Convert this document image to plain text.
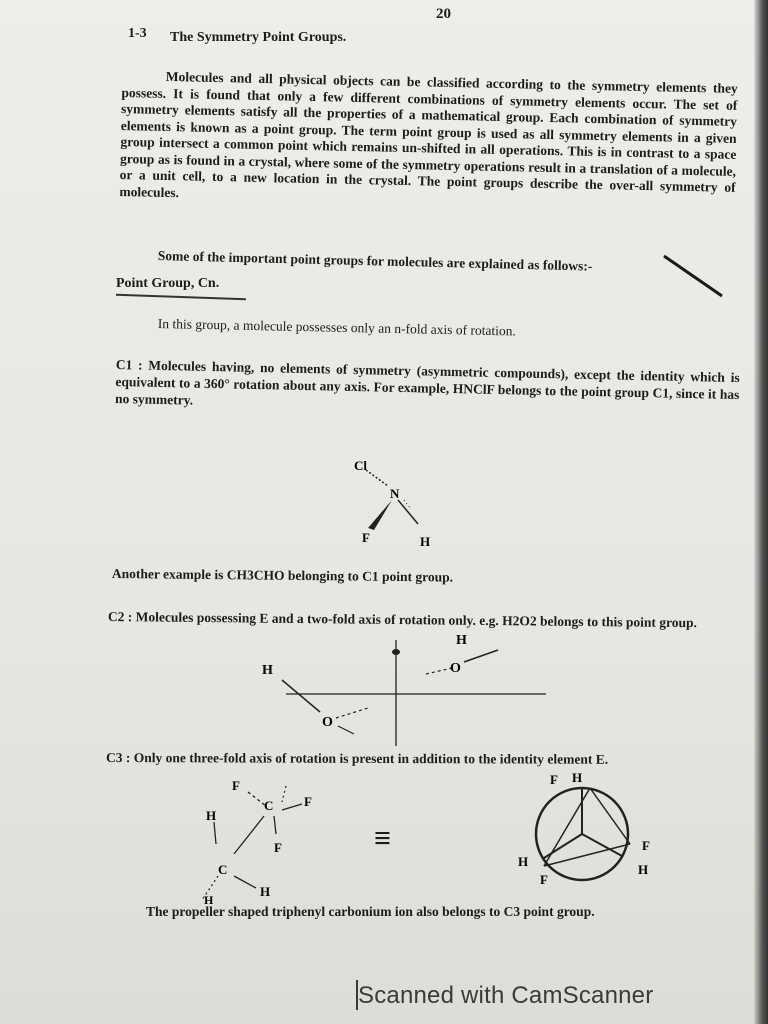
20
1-3 The Symmetry Point Groups.

Molecules and all physical objects can be classified according to the symmetry elements they possess. It is found that only a few different combinations of symmetry elements occur. The set of symmetry elements satisfy all the properties of a mathematical group. Each combination of symmetry elements is known as a point group. The term point group is used as all symmetry elements in a given group intersect a common point which remains un-shifted in all operations. This is in contrast to a space group as is found in a crystal, where some of the symmetry operations result in a translation of a molecule, or a unit cell, to a new location in the crystal. The point groups describe the over-all symmetry of molecules.

Some of the important point groups for molecules are explained as follows:-
Point Group, Cn.
In this group, a molecule possesses only an n-fold axis of rotation.
C1 : Molecules having, no elements of symmetry (asymmetric compounds), except the identity which is equivalent to a 360° rotation about any axis. For example, HNClF belongs to the point group C1, since it has no symmetry.
Cl
N
F	H
Another example is CH3CHO belonging to C1 point group.
C2 : Molecules possessing E and a two-fold axis of rotation only. e.g. H2O2 belongs to this point group.
H
O
H
O
C3 : Only one three-fold axis of rotation is present in addition to the identity element E.
F
C F
F
H
C
H
H
≡
F H
F
H
H
F
The propeller shaped triphenyl carbonium ion also belongs to C3 point group.
Scanned with CamScanner
